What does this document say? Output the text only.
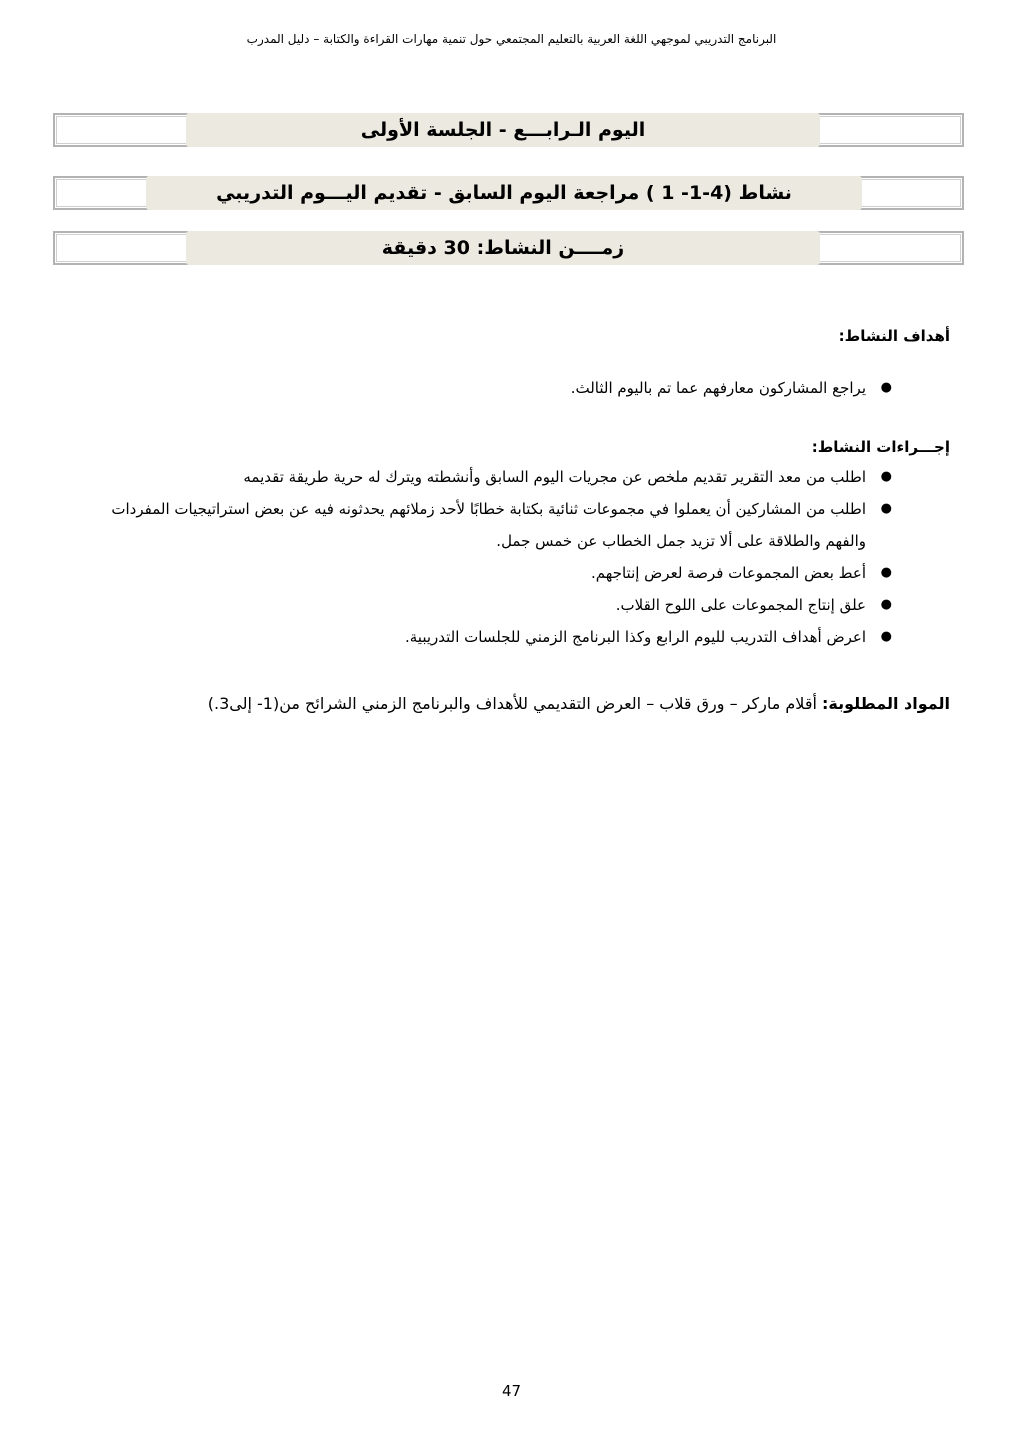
البرنامج التدريبي لموجهي اللغة العربية بالتعليم المجتمعي حول تنمية مهارات القراءة والكتابة – دليل المدرب
اليوم الـرابـــع - الجلسة الأولى
نشاط (4-1- 1 ) مراجعة اليوم السابق - تقديم اليـــوم التدريبي
زمــــن النشاط: 30 دقيقة
أهداف النشاط:
●
يراجع المشاركون معارفهم عما تم باليوم الثالث.
إجـــراءات النشاط:
●
اطلب من معد التقرير تقديم ملخص عن مجريات اليوم السابق وأنشطته ويترك له حرية طريقة تقديمه
●
اطلب من المشاركين أن يعملوا في مجموعات ثنائية بكتابة خطابًا لأحد زملائهم يحدثونه فيه عن بعض استراتيجيات المفردات والفهم والطلاقة على ألا تزيد جمل الخطاب عن خمس جمل.
●
أعط بعض المجموعات فرصة لعرض إنتاجهم.
●
علق إنتاج المجموعات على اللوح القلاب.
●
اعرض أهداف التدريب لليوم الرابع وكذا البرنامج الزمني للجلسات التدريبية.
المواد المطلوبة: أقلام ماركر – ورق قلاب – العرض التقديمي للأهداف والبرنامج الزمني الشرائح من(1- إلى3.)
47
